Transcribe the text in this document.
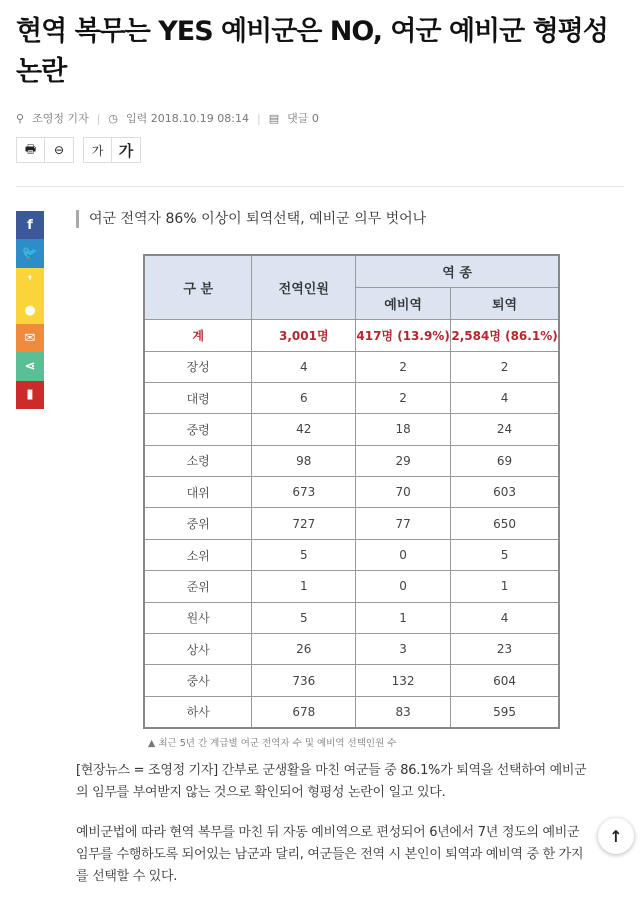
현역 복무는 YES 예비군은 NO, 여군 예비군 형평성 논란
⚲ 조영정 기자 | ◷ 입력 2018.10.19 08:14 | ▤ 댓글 0
🖶	⊖	가	가
f
🐦
❜
●
✉
⋖
▮
여군 전역자 86% 이상이 퇴역선택, 예비군 의무 벗어나
구 분	전역인원	역 종	
		예비역	퇴역
계	3,001명	417명 (13.9%)	2,584명 (86.1%)
장성	4	2	2
대령	6	2	4
중령	42	18	24
소령	98	29	69
대위	673	70	603
중위	727	77	650
소위	5	0	5
준위	1	0	1
원사	5	1	4
상사	26	3	23
중사	736	132	604
하사	678	83	595
▲ 최근 5년 간 계급별 여군 전역자 수 및 예비역 선택인원 수

[현장뉴스 = 조영정 기자] 간부로 군생활을 마친 여군들 중 86.1%가 퇴역을 선택하여 예비군의 임무를 부여받지 않는 것으로 확인되어 형평성 논란이 일고 있다.

예비군법에 따라 현역 복무를 마친 뒤 자동 예비역으로 편성되어 6년에서 7년 정도의 예비군 임무를 수행하도록 되어있는 남군과 달리, 여군들은 전역 시 본인이 퇴역과 예비역 중 한 가지를 선택할 수 있다.

↑
